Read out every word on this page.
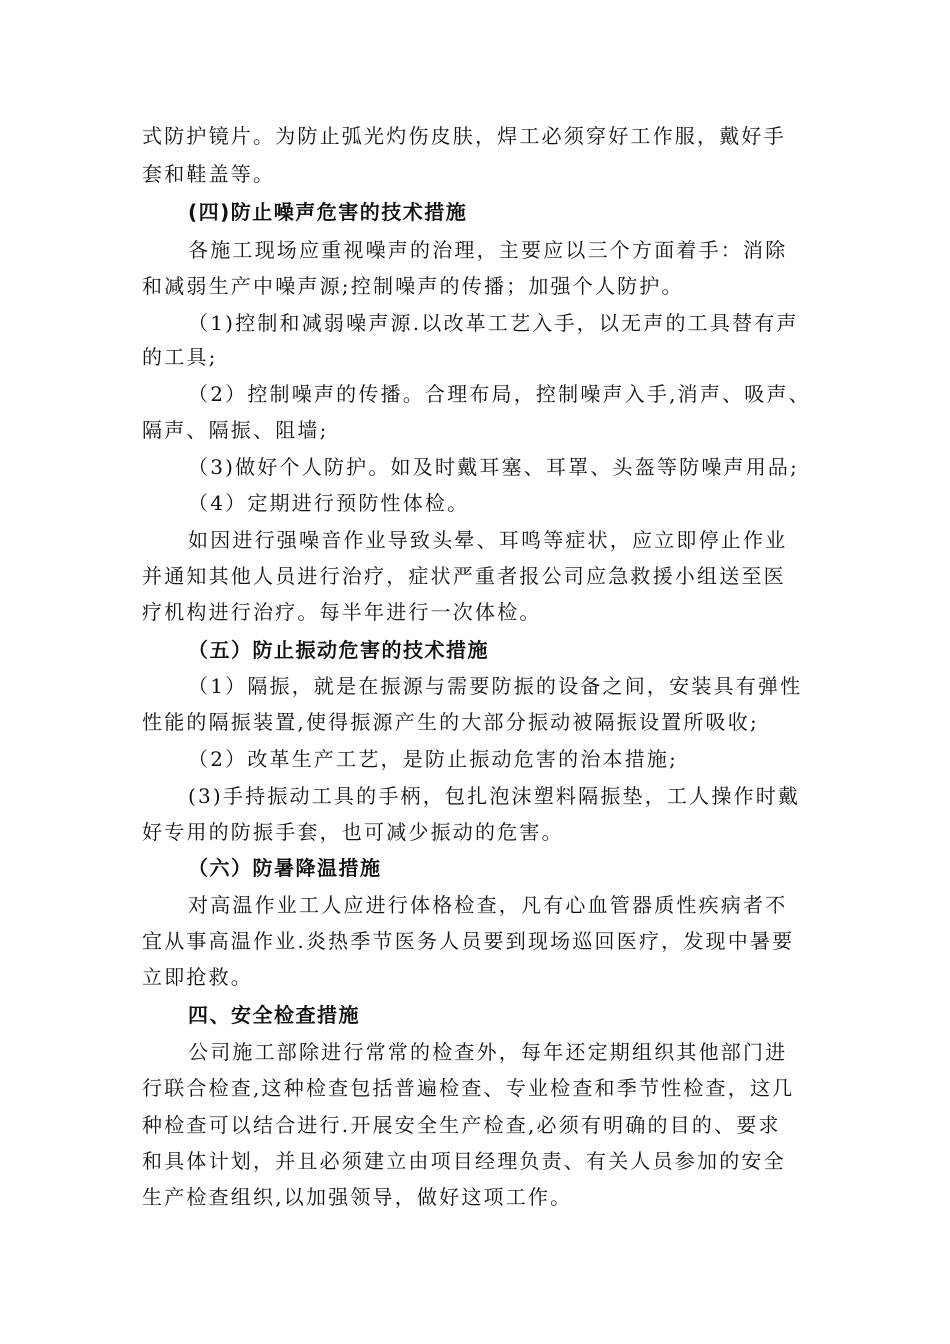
式防护镜片。为防止弧光灼伤皮肤，焊工必须穿好工作服，戴好手
套和鞋盖等。
(四)防止噪声危害的技术措施
各施工现场应重视噪声的治理，主要应以三个方面着手：消除
和减弱生产中噪声源;控制噪声的传播；加强个人防护。
（1)控制和减弱噪声源.以改革工艺入手，以无声的工具替有声
的工具;
（2）控制噪声的传播。合理布局，控制噪声入手,消声、吸声、
隔声、隔振、阻墙;
（3)做好个人防护。如及时戴耳塞、耳罩、头盔等防噪声用品;
（4）定期进行预防性体检。
如因进行强噪音作业导致头晕、耳鸣等症状，应立即停止作业
并通知其他人员进行治疗，症状严重者报公司应急救援小组送至医
疗机构进行治疗。每半年进行一次体检。
（五）防止振动危害的技术措施
（1）隔振，就是在振源与需要防振的设备之间，安装具有弹性
性能的隔振装置,使得振源产生的大部分振动被隔振设置所吸收;
（2）改革生产工艺，是防止振动危害的治本措施;
(3)手持振动工具的手柄，包扎泡沫塑料隔振垫，工人操作时戴
好专用的防振手套，也可减少振动的危害。
（六）防暑降温措施
对高温作业工人应进行体格检查，凡有心血管器质性疾病者不
宜从事高温作业.炎热季节医务人员要到现场巡回医疗，发现中暑要
立即抢救。
四、安全检查措施
公司施工部除进行常常的检查外，每年还定期组织其他部门进
行联合检查,这种检查包括普遍检查、专业检查和季节性检查，这几
种检查可以结合进行.开展安全生产检查,必须有明确的目的、要求
和具体计划，并且必须建立由项目经理负责、有关人员参加的安全
生产检查组织,以加强领导，做好这项工作。
